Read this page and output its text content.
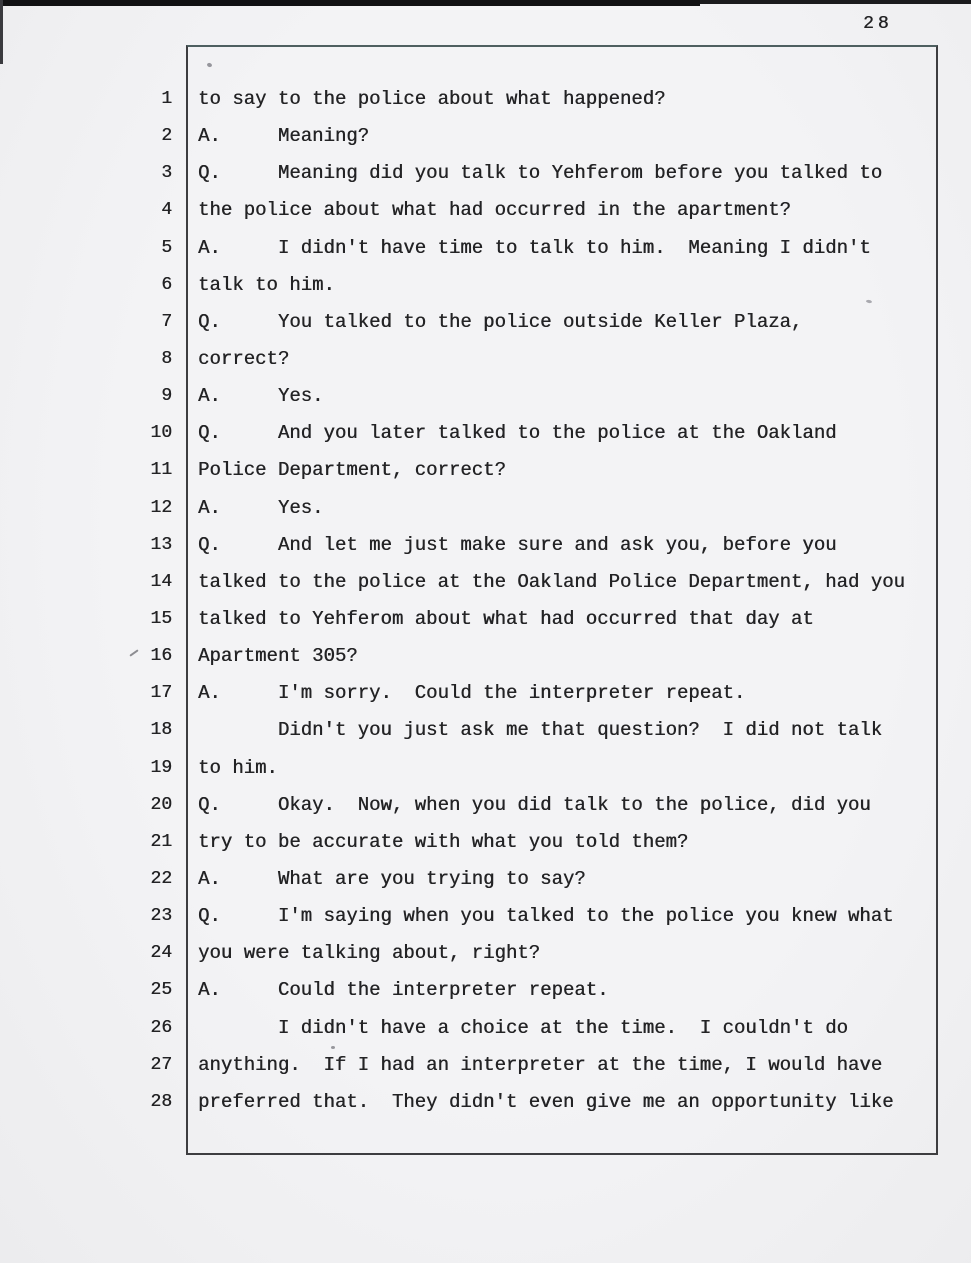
28
1 to say to the police about what happened?
2 A.     Meaning?
3 Q.     Meaning did you talk to Yehferom before you talked to
4 the police about what had occurred in the apartment?
5 A.     I didn't have time to talk to him.  Meaning I didn't
6 talk to him.
7 Q.     You talked to the police outside Keller Plaza,
8 correct?
9 A.     Yes.
10 Q.     And you later talked to the police at the Oakland
11 Police Department, correct?
12 A.     Yes.
13 Q.     And let me just make sure and ask you, before you
14 talked to the police at the Oakland Police Department, had you
15 talked to Yehferom about what had occurred that day at
16 Apartment 305?
17 A.     I'm sorry.  Could the interpreter repeat.
18       Didn't you just ask me that question?  I did not talk
19 to him.
20 Q.     Okay.  Now, when you did talk to the police, did you
21 try to be accurate with what you told them?
22 A.     What are you trying to say?
23 Q.     I'm saying when you talked to the police you knew what
24 you were talking about, right?
25 A.     Could the interpreter repeat.
26       I didn't have a choice at the time.  I couldn't do
27 anything.  If I had an interpreter at the time, I would have
28 preferred that.  They didn't even give me an opportunity like
